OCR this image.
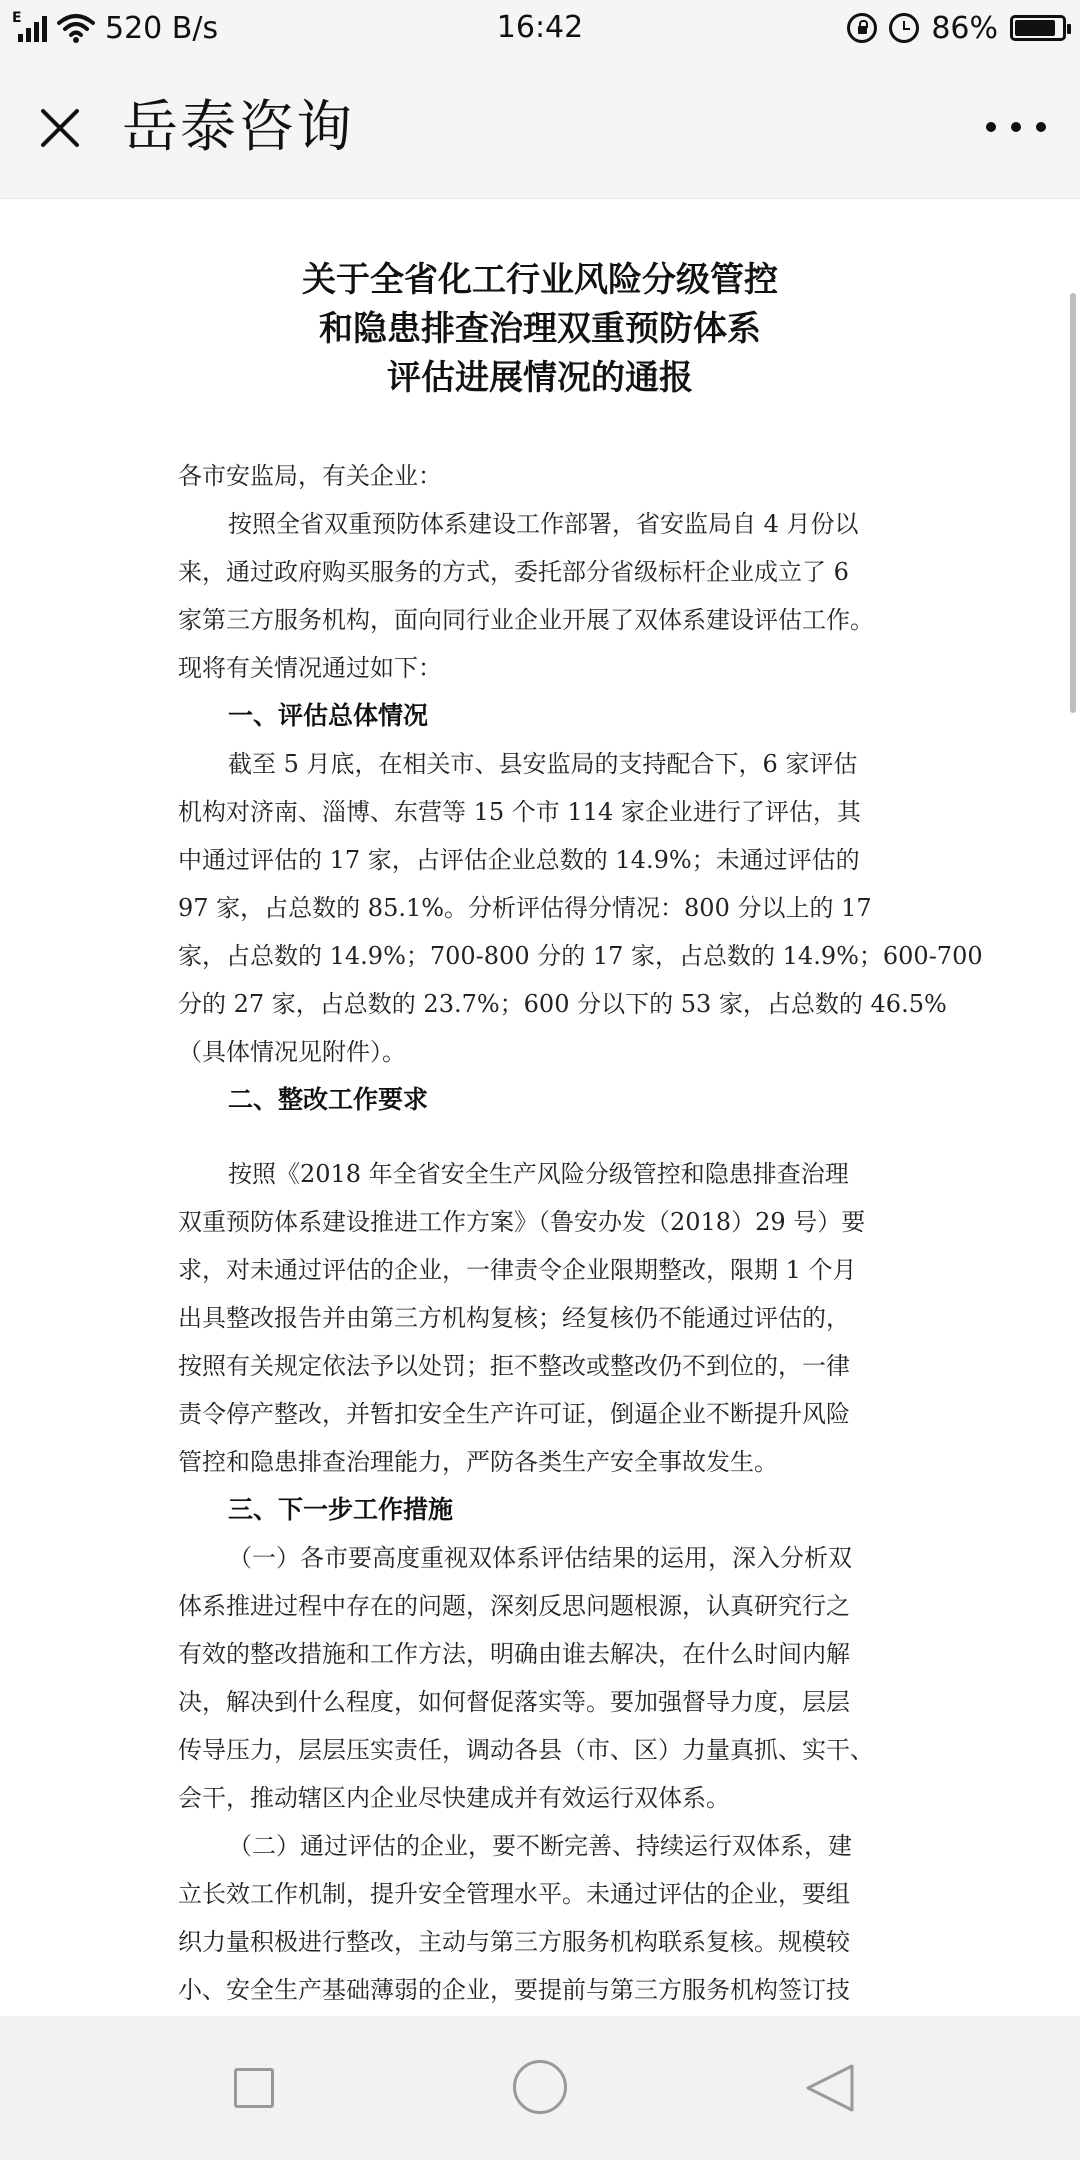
E	520 B/s	16:42	86%
岳泰咨询
关于全省化工行业风险分级管控
和隐患排查治理双重预防体系
评估进展情况的通报
各市安监局，有关企业：
按照全省双重预防体系建设工作部署，省安监局自 4 月份以
来，通过政府购买服务的方式，委托部分省级标杆企业成立了 6
家第三方服务机构，面向同行业企业开展了双体系建设评估工作。
现将有关情况通过如下：
一、评估总体情况
截至 5 月底，在相关市、县安监局的支持配合下，6 家评估
机构对济南、淄博、东营等 15 个市 114 家企业进行了评估，其
中通过评估的 17 家，占评估企业总数的 14.9%；未通过评估的
97 家，占总数的 85.1%。分析评估得分情况：800 分以上的 17
家，占总数的 14.9%；700-800 分的 17 家，占总数的 14.9%；600-700
分的 27 家，占总数的 23.7%；600 分以下的 53 家，占总数的 46.5%
（具体情况见附件）。
二、整改工作要求
按照《2018 年全省安全生产风险分级管控和隐患排查治理
双重预防体系建设推进工作方案》（鲁安办发（2018）29 号）要
求，对未通过评估的企业，一律责令企业限期整改，限期 1 个月
出具整改报告并由第三方机构复核；经复核仍不能通过评估的，
按照有关规定依法予以处罚；拒不整改或整改仍不到位的，一律
责令停产整改，并暂扣安全生产许可证，倒逼企业不断提升风险
管控和隐患排查治理能力，严防各类生产安全事故发生。
三、下一步工作措施
（一）各市要高度重视双体系评估结果的运用，深入分析双
体系推进过程中存在的问题，深刻反思问题根源，认真研究行之
有效的整改措施和工作方法，明确由谁去解决，在什么时间内解
决，解决到什么程度，如何督促落实等。要加强督导力度，层层
传导压力，层层压实责任，调动各县（市、区）力量真抓、实干、
会干，推动辖区内企业尽快建成并有效运行双体系。
（二）通过评估的企业，要不断完善、持续运行双体系，建
立长效工作机制，提升安全管理水平。未通过评估的企业，要组
织力量积极进行整改，主动与第三方服务机构联系复核。规模较
小、安全生产基础薄弱的企业，要提前与第三方服务机构签订技
